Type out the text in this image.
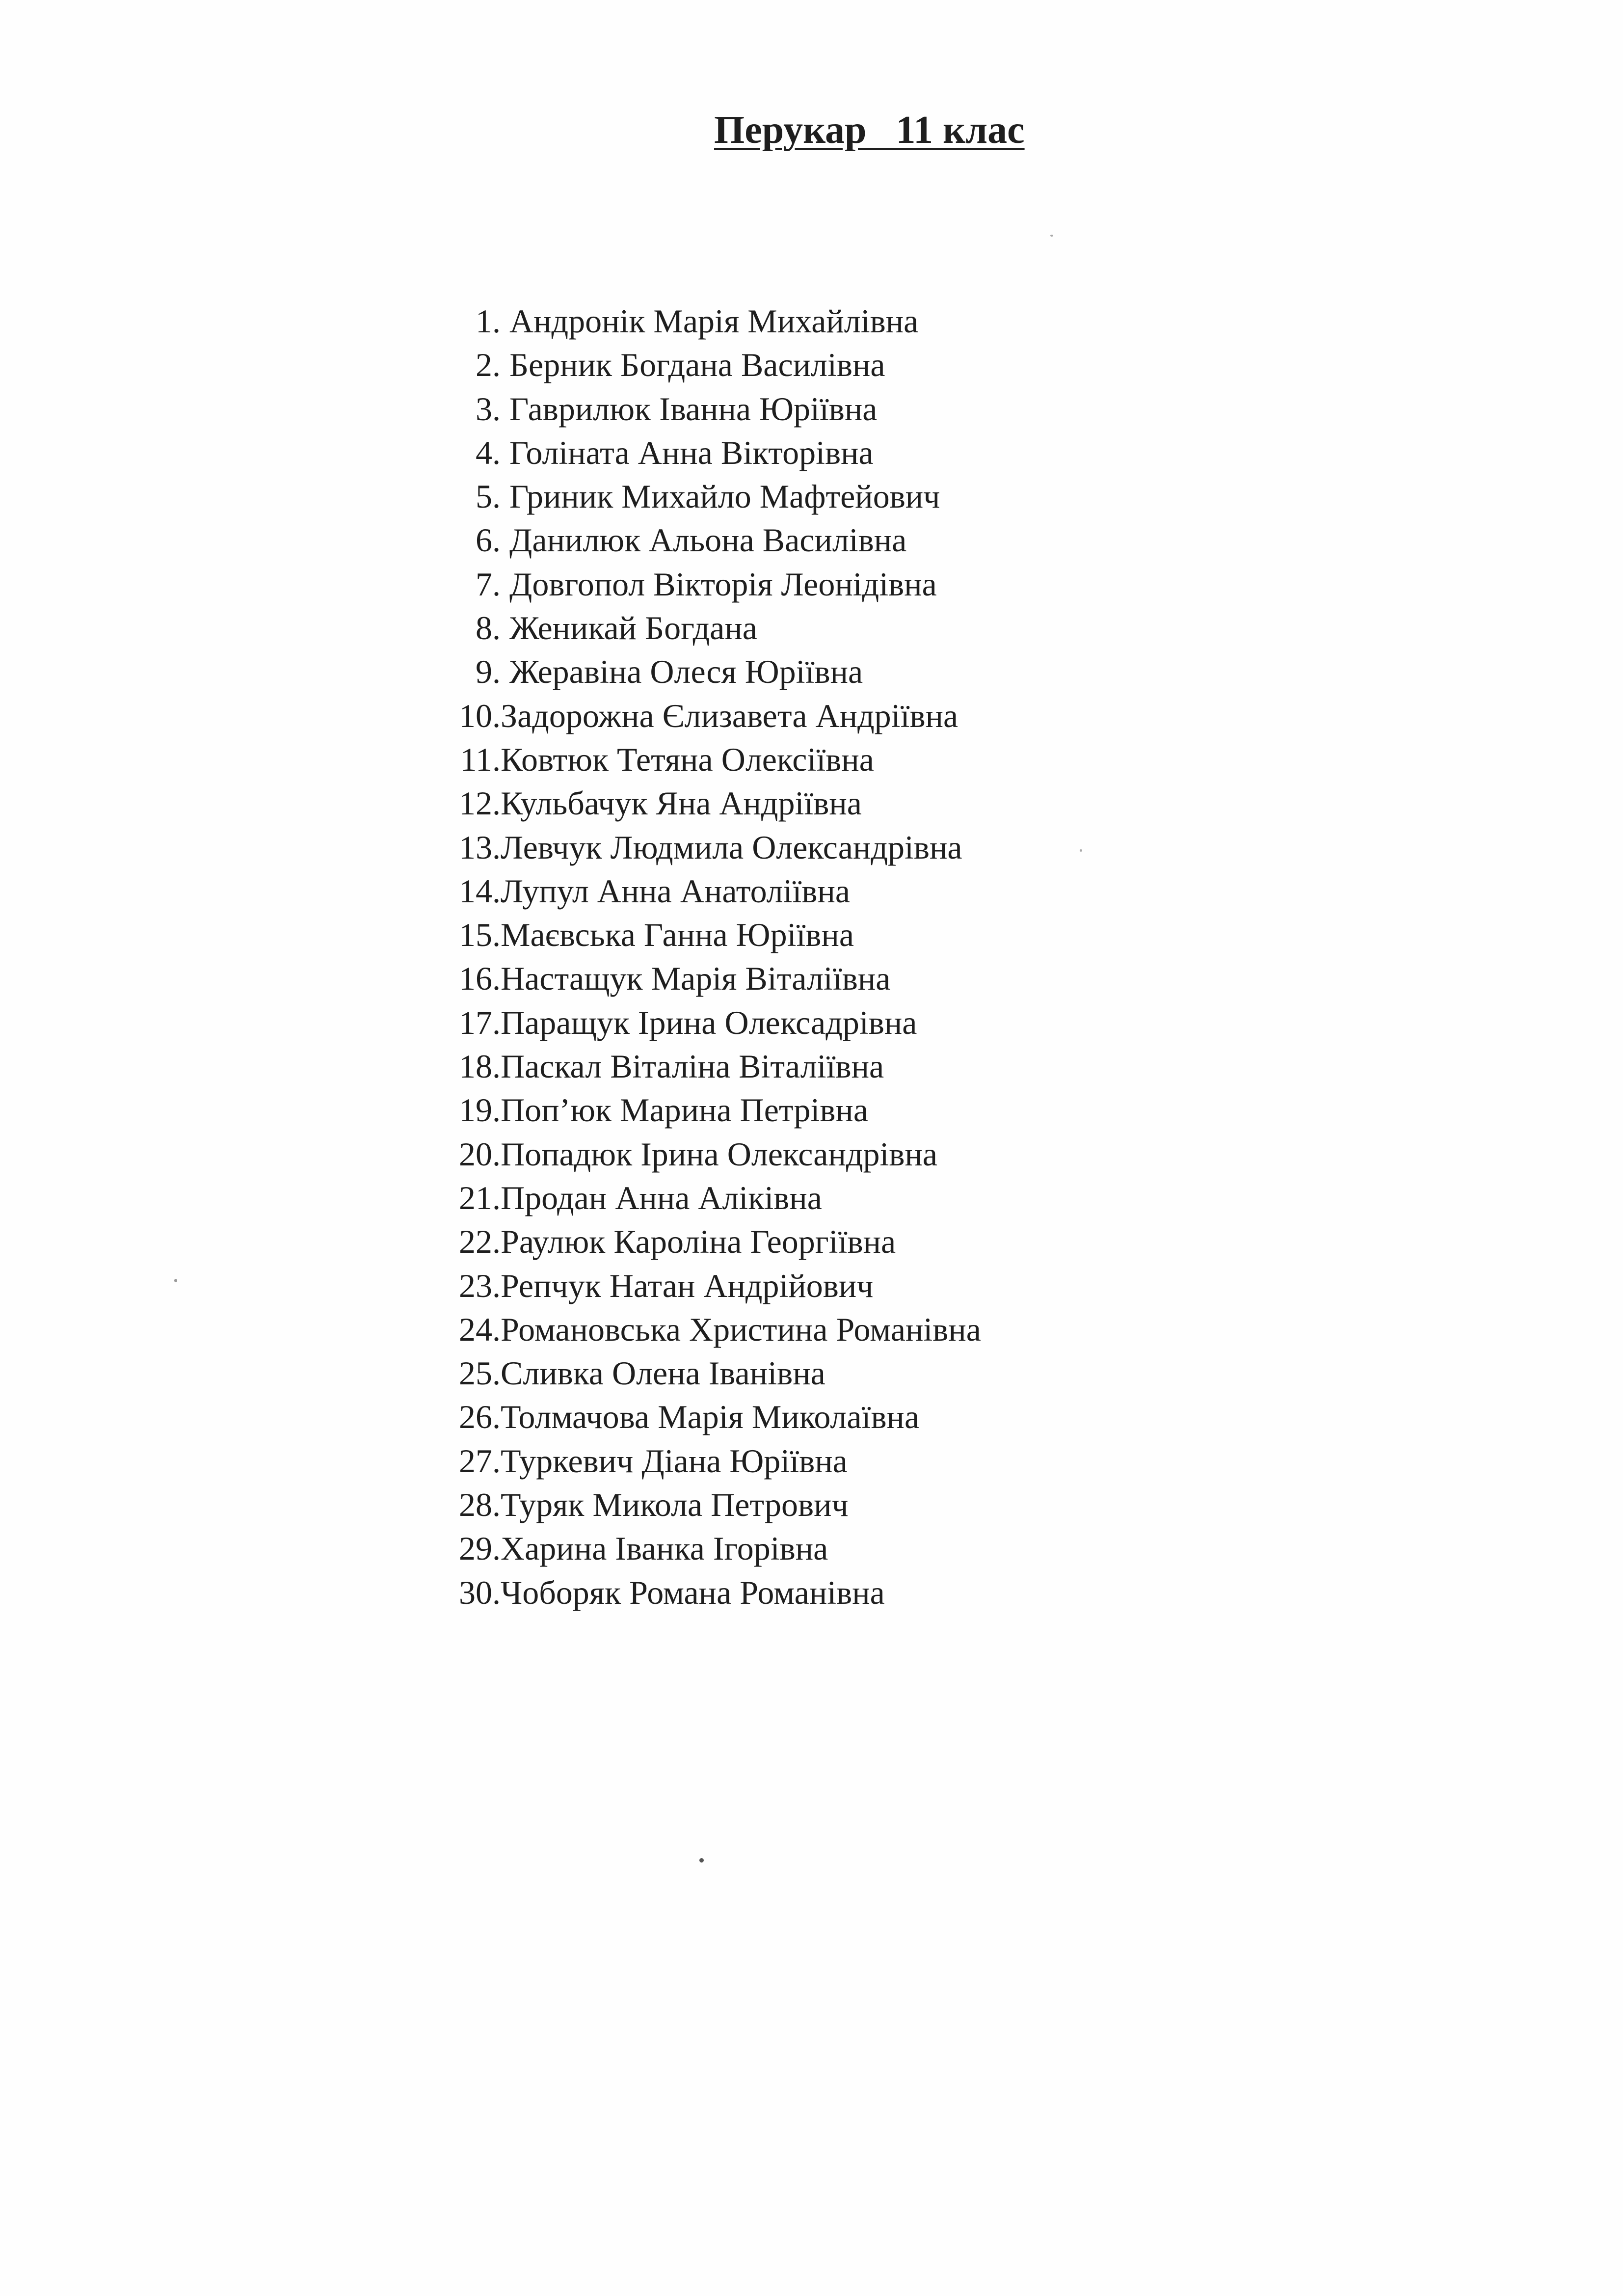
Перукар   11 клас
1. Андронік Марія Михайлівна
2. Берник Богдана Василівна
3. Гаврилюк Іванна Юріївна
4. Голіната Анна Вікторівна
5. Гриник Михайло Мафтейович
6. Данилюк Альона Василівна
7. Довгопол Вікторія Леонідівна
8. Женикай Богдана
9. Жеравіна Олеся Юріївна
10. Задорожна Єлизавета Андріївна
11. Ковтюк Тетяна Олексіївна
12. Кульбачук Яна Андріївна
13. Левчук Людмила Олександрівна
14. Лупул Анна Анатоліївна
15. Маєвська Ганна Юріївна
16. Настащук Марія Віталіївна
17. Паращук Ірина Олексадрівна
18. Паскал Віталіна Віталіївна
19. Поп’юк Марина Петрівна
20. Попадюк Ірина Олександрівна
21. Продан Анна Аліківна
22. Раулюк Кароліна Георгіївна
23. Репчук Натан Андрійович
24. Романовська Христина Романівна
25. Сливка Олена Іванівна
26. Толмачова Марія Миколаївна
27. Туркевич Діана Юріївна
28. Туряк Микола Петрович
29. Харина Іванка Ігорівна
30. Чоборяк Романа Романівна
